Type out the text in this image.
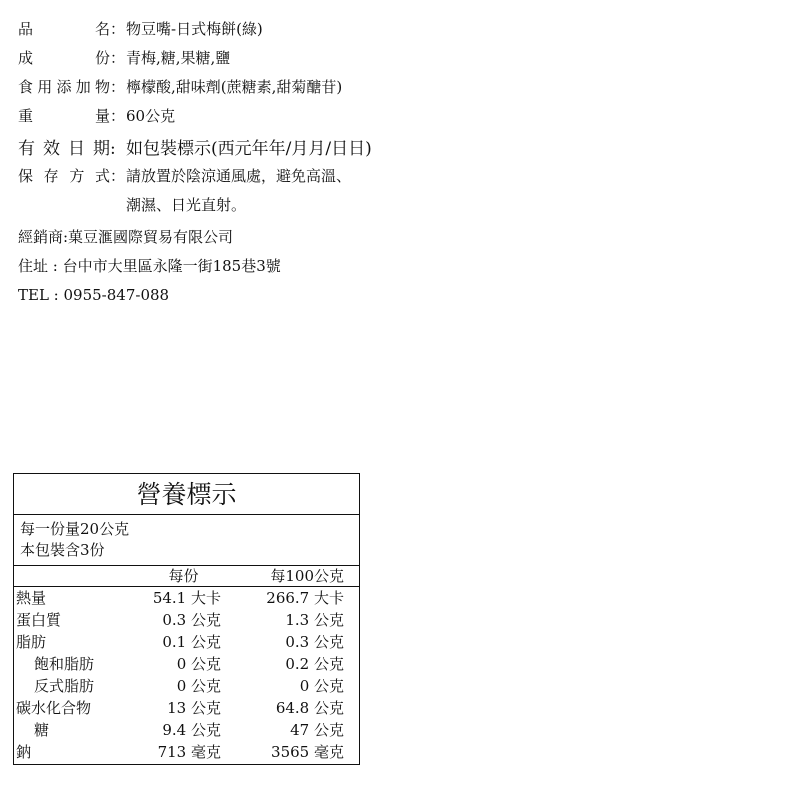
品	名 ： 物豆嘴-日式梅餅(綠)
成	份 ： 青梅,糖,果糖,鹽
食 用 添 加 物 ： 檸檬酸,甜味劑(蔗糖素,甜菊醣苷)
重	量 ： 60公克
有 效 日 期 : 如包裝標示(西元年年/月月/日日)
保 存 方 式 ： 請放置於陰涼通風處，避免高溫、
潮濕、日光直射。
經銷商:菓豆滙國際貿易有限公司
住址 : 台中市大里區永隆一街185巷3號
TEL : 0955-847-088
營養標示
每一份量20公克
本包裝含3份
每份	每100公克
熱量	54.1 大卡	266.7 大卡
蛋白質	0.3 公克	1.3 公克
脂肪	0.1 公克	0.3 公克
飽和脂肪	0 公克	0.2 公克
反式脂肪	0 公克	0 公克
碳水化合物	13 公克	64.8 公克
糖	9.4 公克	47 公克
鈉	713 毫克	3565 毫克
